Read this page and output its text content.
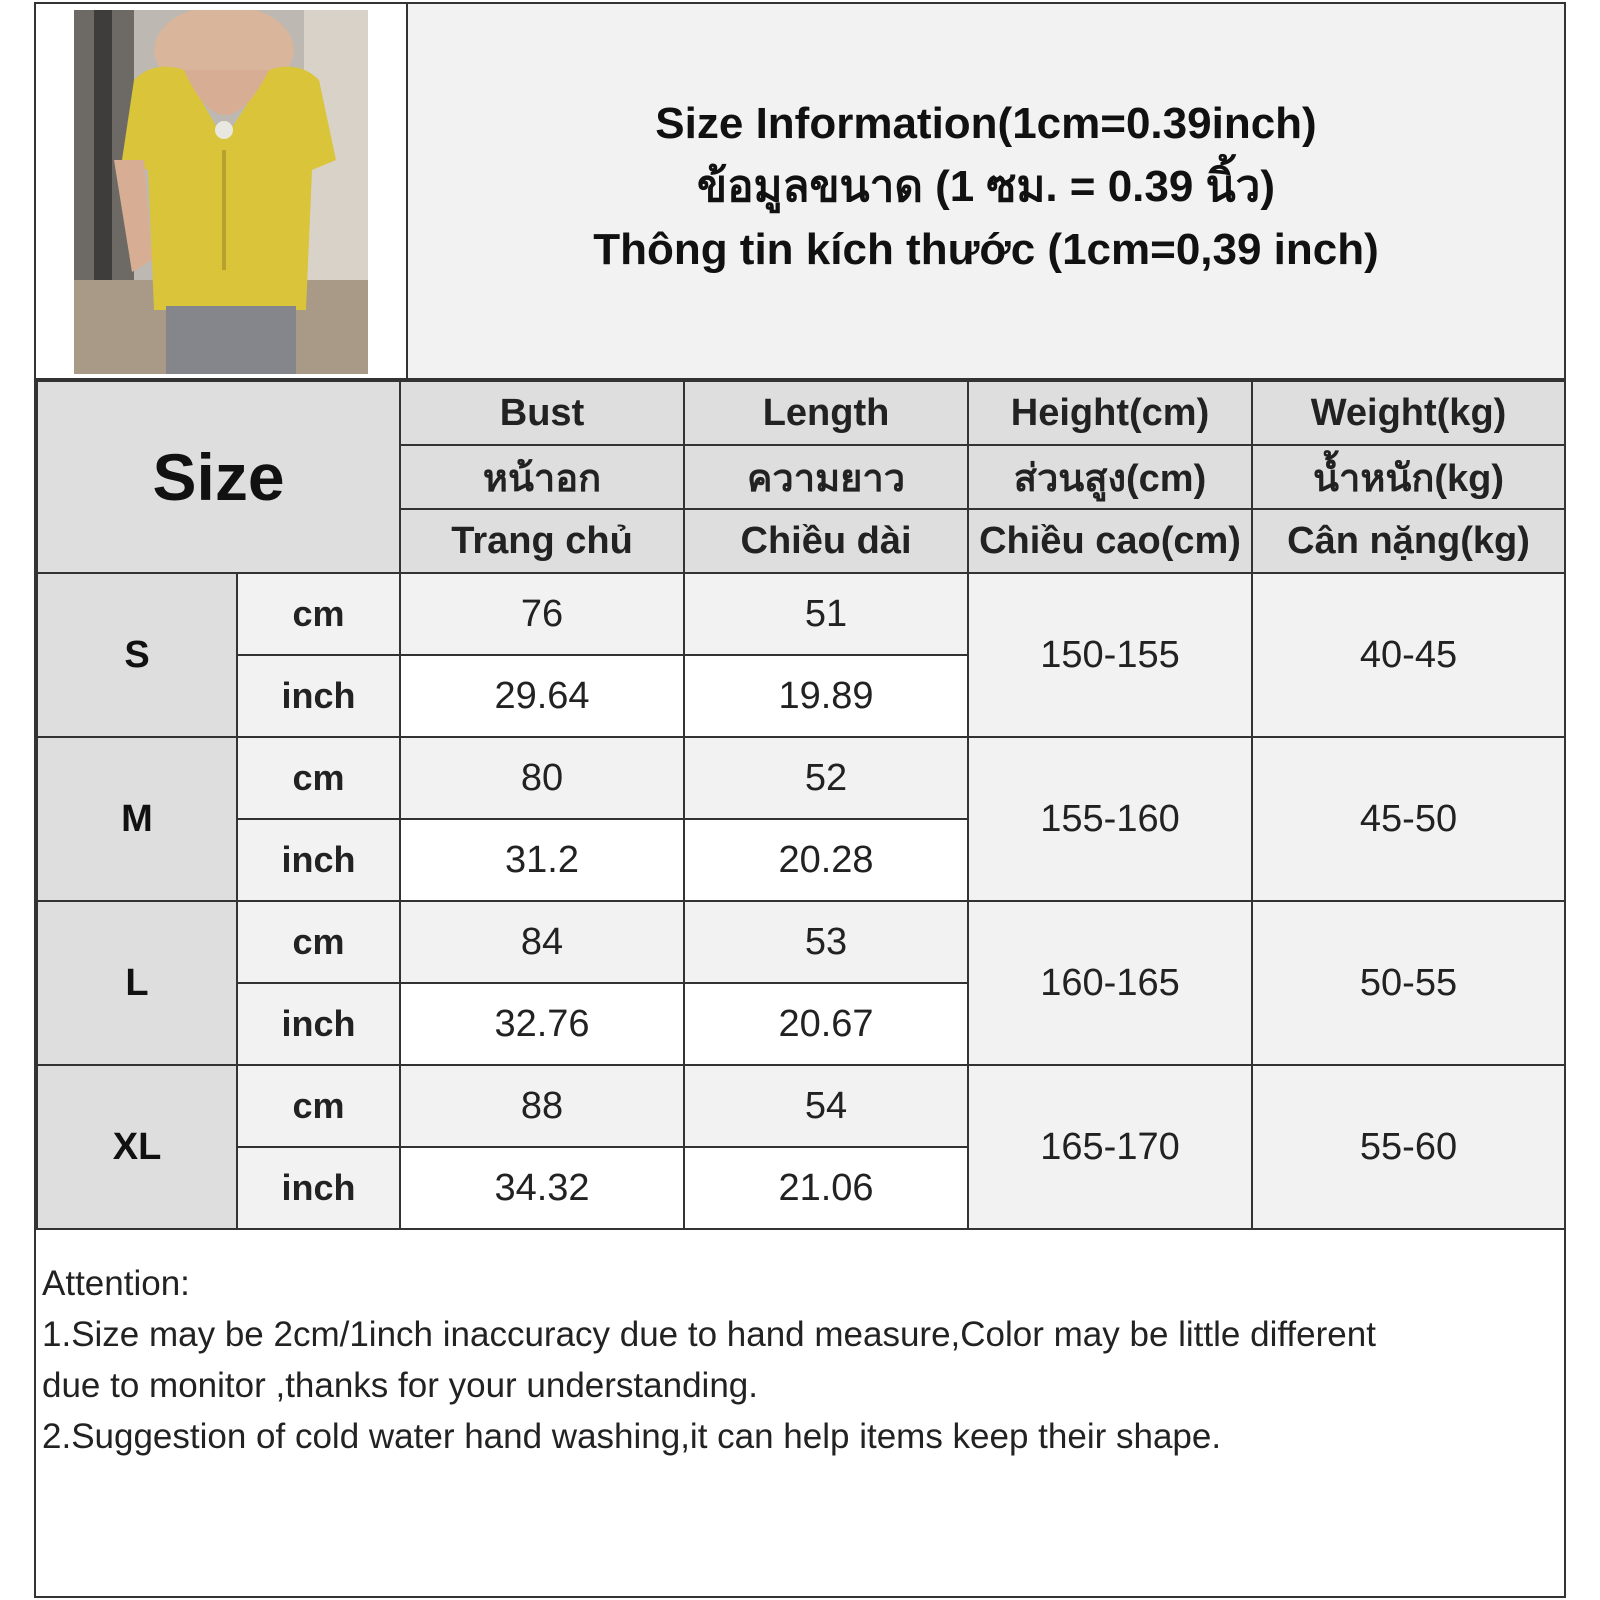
Size Information(1cm=0.39inch)
ข้อมูลขนาด (1 ซม. = 0.39 นิ้ว)
Thông tin kích thước (1cm=0,39 inch)
Size		Bust	Length	Height(cm)	Weight(kg)
		หน้าอก	ความยาว	ส่วนสูง(cm)	น้ำหนัก(kg)
		Trang chủ	Chiều dài	Chiều cao(cm)	Cân nặng(kg)
S	cm	76	51	150-155	40-45
	inch	29.64	19.89		
M	cm	80	52	155-160	45-50
	inch	31.2	20.28		
L	cm	84	53	160-165	50-55
	inch	32.76	20.67		
XL	cm	88	54	165-170	55-60
	inch	34.32	21.06		
Attention:
1.Size may be 2cm/1inch inaccuracy due to hand measure,Color may be little different
due to monitor ,thanks for your understanding.
2.Suggestion of cold water hand washing,it can help items keep their shape.
